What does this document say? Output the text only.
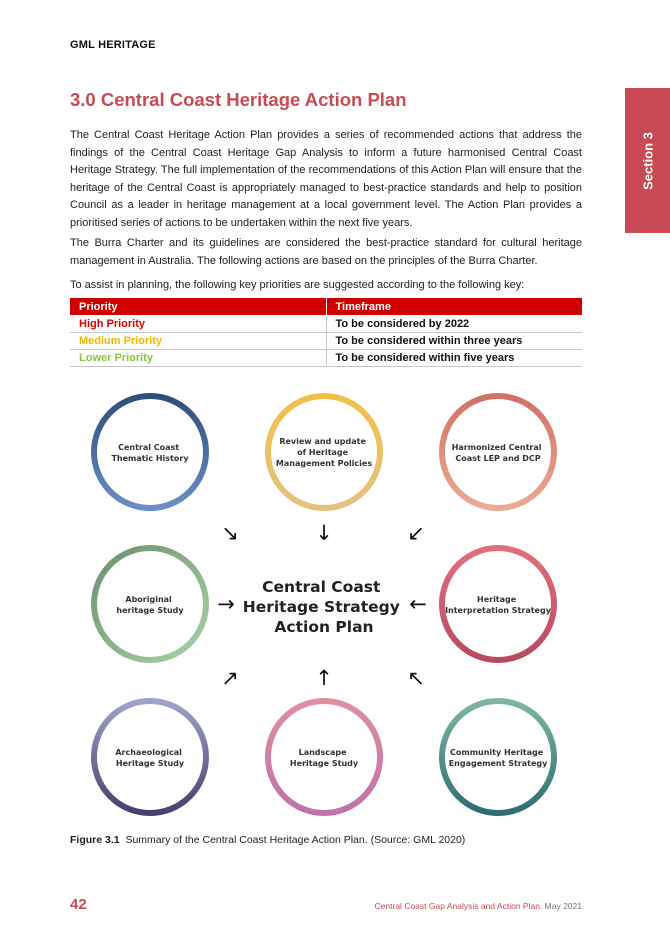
GML HERITAGE
Section 3
3.0 Central Coast Heritage Action Plan

The Central Coast Heritage Action Plan provides a series of recommended actions that address the findings of the Central Coast Heritage Gap Analysis to inform a future harmonised Central Coast Heritage Strategy. The full implementation of the recommendations of this Action Plan will ensure that the heritage of the Central Coast is appropriately managed to best-practice standards and help to position Council as a leader in heritage management at a local government level. The Action Plan provides a prioritised series of actions to be undertaken within the next five years.

The Burra Charter and its guidelines are considered the best-practice standard for cultural heritage management in Australia. The following actions are based on the principles of the Burra Charter.

To assist in planning, the following key priorities are suggested according to the following key:

Priority	Timeframe
High Priority	To be considered by 2022
Medium Priority	To be considered within three years
Lower Priority	To be considered within five years
Central Coast Thematic History
Review and update of Heritage Management Policies
Harmonized Central Coast LEP and DCP
Aboriginal heritage Study
Heritage Interpretation Strategy
Archaeological Heritage Study
Landscape Heritage Study
Community Heritage Engagement Strategy
Central Coast Heritage Strategy Action Plan
↘	↓	↙
→	←
↗	↑	↖

Figure 3.1 Summary of the Central Coast Heritage Action Plan. (Source: GML 2020)

42	Central Coast Gap Analysis and Action Plan. May 2021
